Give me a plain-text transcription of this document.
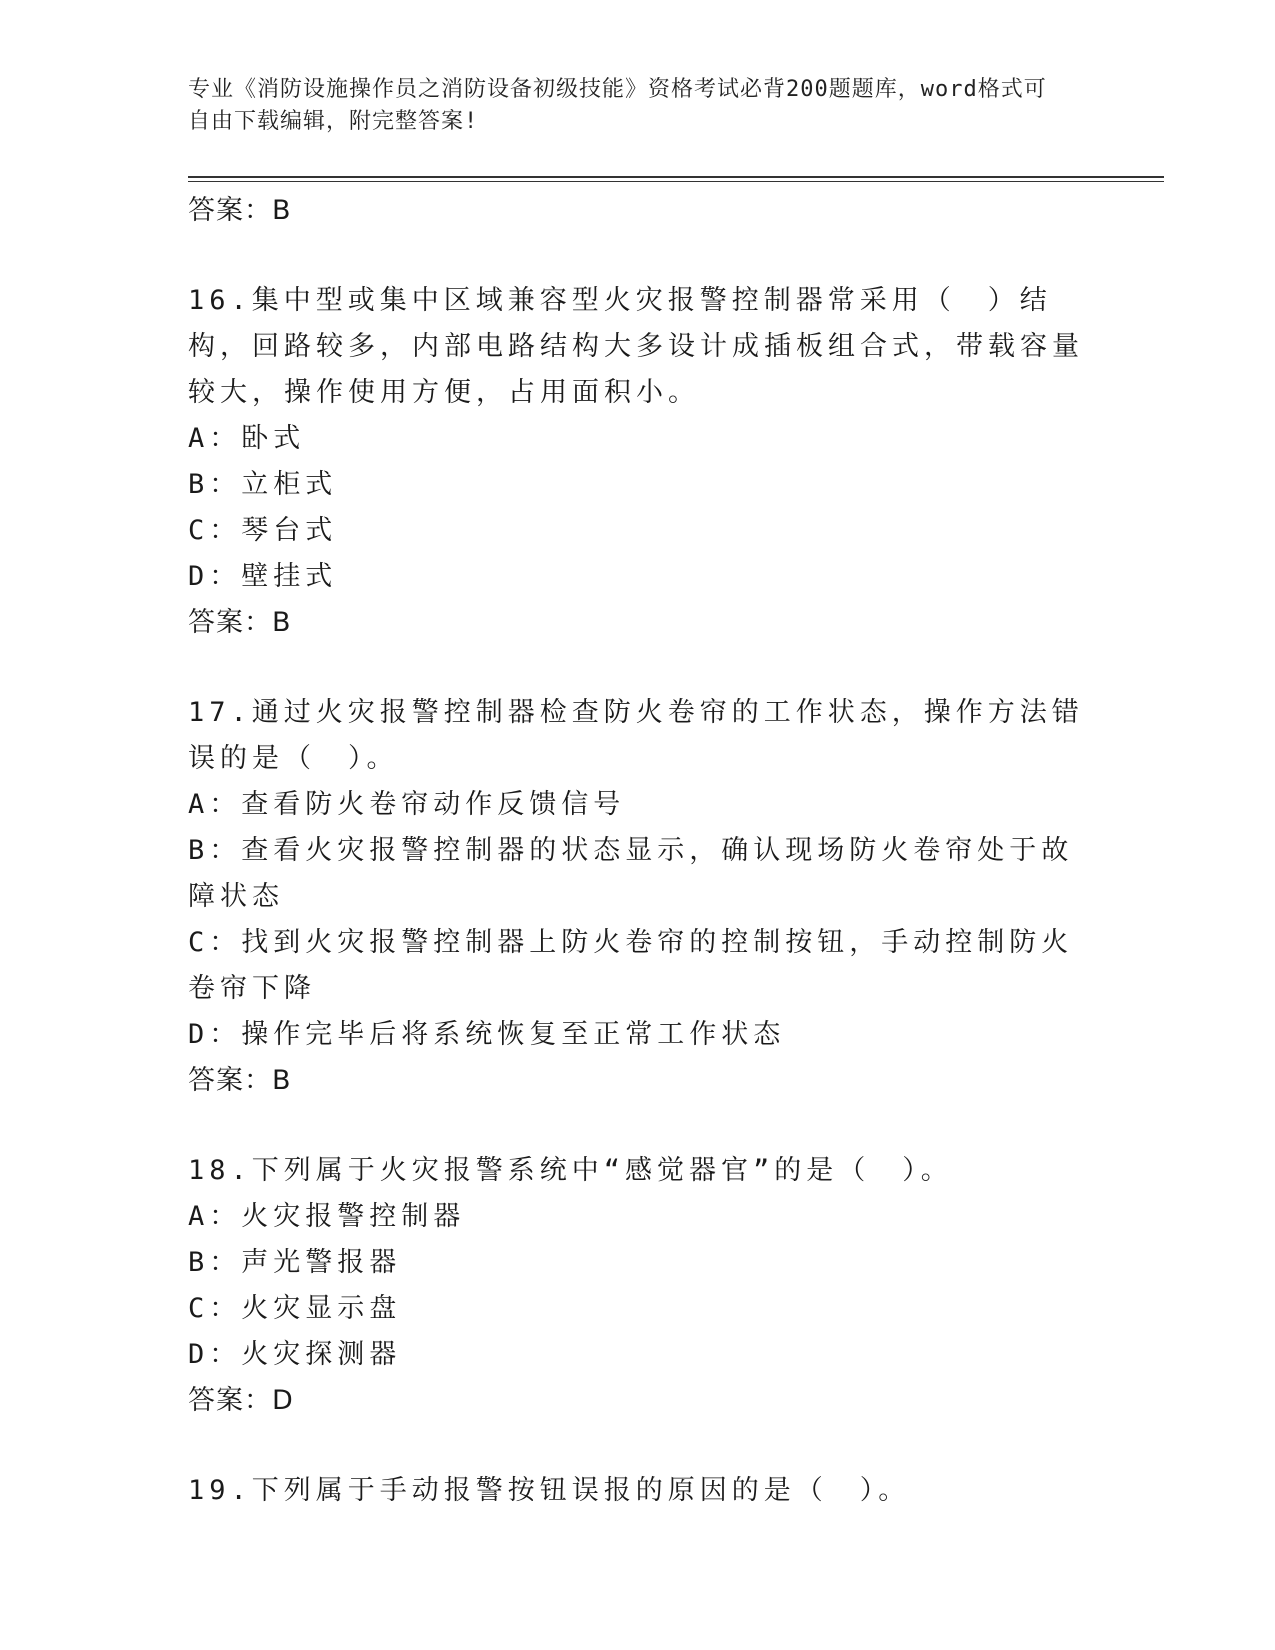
专业《消防设施操作员之消防设备初级技能》资格考试必背200题题库，word格式可自由下载编辑，附完整答案!

答案：B

16.集中型或集中区域兼容型火灾报警控制器常采用（　）结构，回路较多，内部电路结构大多设计成插板组合式，带载容量较大，操作使用方便，占用面积小。

A：卧式

B：立柜式

C：琴台式

D：壁挂式

答案：B

17.通过火灾报警控制器检查防火卷帘的工作状态，操作方法错误的是（　）。

A：查看防火卷帘动作反馈信号

B：查看火灾报警控制器的状态显示，确认现场防火卷帘处于故障状态

C：找到火灾报警控制器上防火卷帘的控制按钮，手动控制防火卷帘下降

D：操作完毕后将系统恢复至正常工作状态

答案：B

18.下列属于火灾报警系统中“感觉器官”的是（　）。

A：火灾报警控制器

B：声光警报器

C：火灾显示盘

D：火灾探测器

答案：D

19.下列属于手动报警按钮误报的原因的是（　）。
